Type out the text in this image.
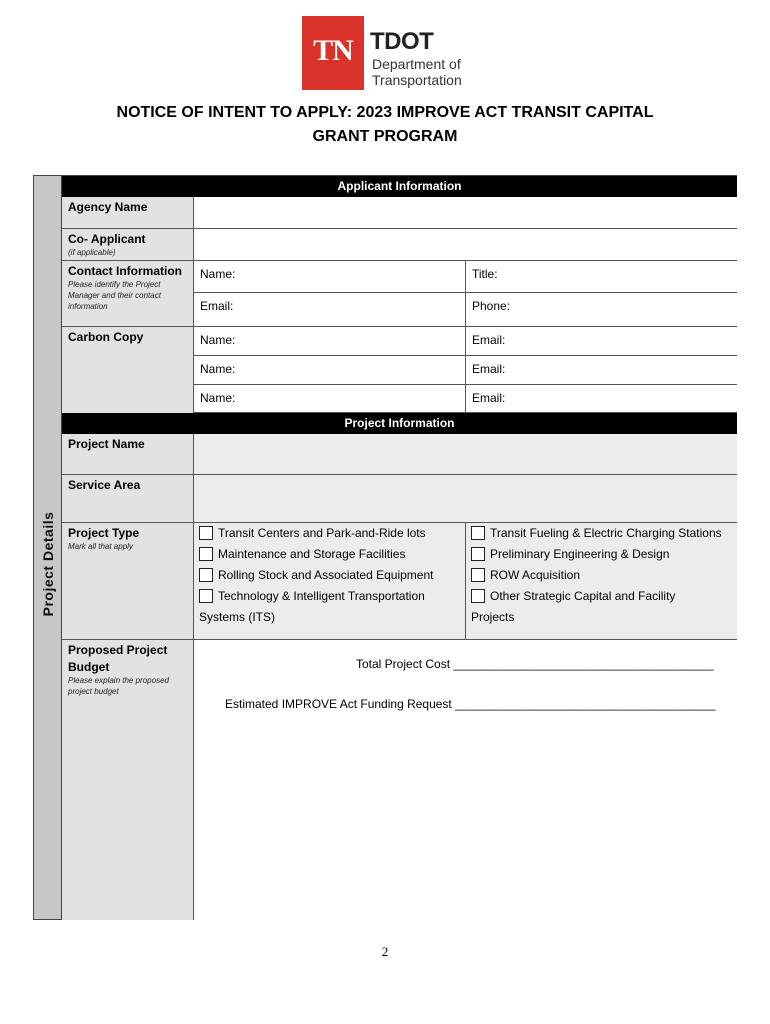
TN TDOT
Department of
Transportation
NOTICE OF INTENT TO APPLY: 2023 IMPROVE ACT TRANSIT CAPITAL
GRANT PROGRAM
Project Details
Applicant Information
Agency Name
Co- Applicant
(if applicable)
Contact Information
Please identify the Project Manager and their contact information
Name:	Title:
Email:	Phone:
Carbon Copy	Name:	Email:
Name:	Email:
Name:	Email:
Project Information
Project Name
Service Area
Project Type
Mark all that apply
Transit Centers and Park-and-Ride lots
Maintenance and Storage Facilities
Rolling Stock and Associated Equipment
Technology & Intelligent Transportation
Systems (ITS)
Transit Fueling & Electric Charging Stations
Preliminary Engineering & Design
ROW Acquisition
Other Strategic Capital and Facility
Projects
Proposed Project
Budget
Please explain the proposed project budget
Total Project Cost _______________________________________
Estimated IMPROVE Act Funding Request _______________________________________
2
